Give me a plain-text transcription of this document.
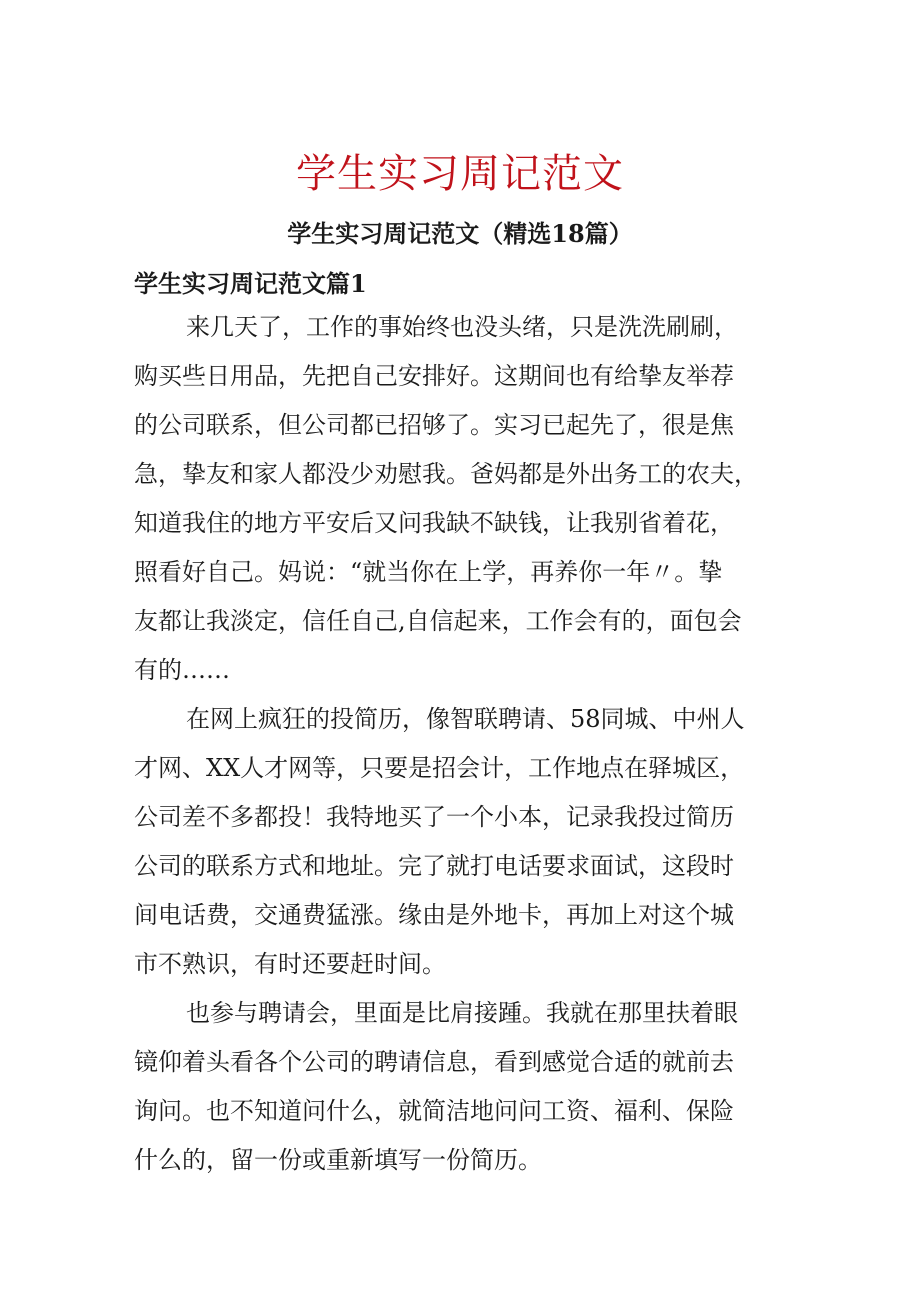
学生实习周记范文
学生实习周记范文（精选18篇）
学生实习周记范文篇1

来几天了，工作的事始终也没头绪，只是洗洗刷刷，
购买些日用品，先把自己安排好。这期间也有给挚友举荐
的公司联系，但公司都已招够了。实习已起先了，很是焦
急，挚友和家人都没少劝慰我。爸妈都是外出务工的农夫，
知道我住的地方平安后又问我缺不缺钱，让我别省着花，
照看好自己。妈说：“就当你在上学，再养你一年〃。挚
友都让我淡定，信任自己,自信起来，工作会有的，面包会
有的……

在网上疯狂的投简历，像智联聘请、58同城、中州人
才网、XX人才网等，只要是招会计，工作地点在驿城区，
公司差不多都投！我特地买了一个小本，记录我投过简历
公司的联系方式和地址。完了就打电话要求面试，这段时
间电话费，交通费猛涨。缘由是外地卡，再加上对这个城
市不熟识，有时还要赶时间。

也参与聘请会，里面是比肩接踵。我就在那里扶着眼
镜仰着头看各个公司的聘请信息，看到感觉合适的就前去
询问。也不知道问什么，就简洁地问问工资、福利、保险
什么的，留一份或重新填写一份简历。
